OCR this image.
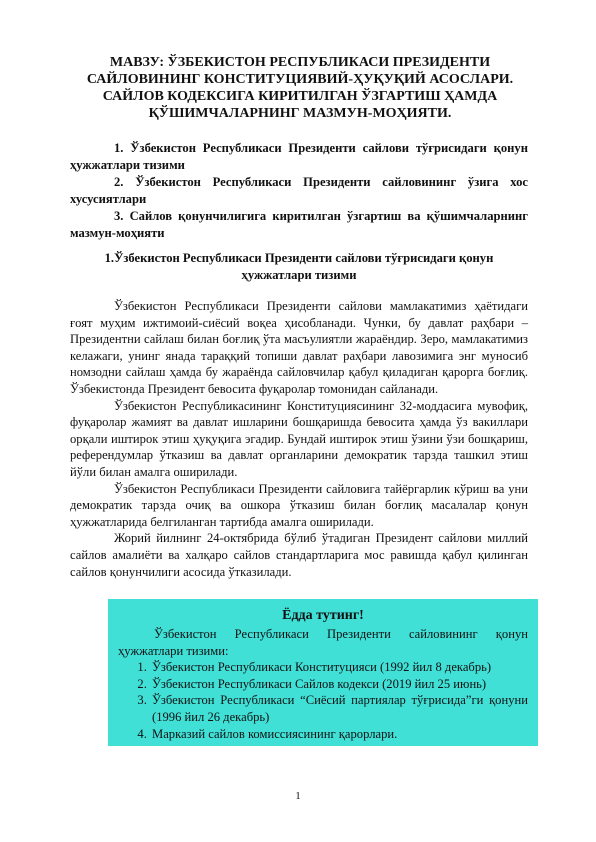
МАВЗУ: ЎЗБЕКИСТОН РЕСПУБЛИКАСИ ПРЕЗИДЕНТИ САЙЛОВИНИНГ КОНСТИТУЦИЯВИЙ-ҲУҚУҚИЙ АСОСЛАРИ. САЙЛОВ КОДЕКСИГА КИРИТИЛГАН ЎЗГАРТИШ ҲАМДА ҚЎШИМЧАЛАРНИНГ МАЗМУН-МОҲИЯТИ.
1. Ўзбекистон Республикаси Президенти сайлови тўғрисидаги қонун ҳужжатлари тизими
2. Ўзбекистон Республикаси Президенти сайловининг ўзига хос хусусиятлари
3. Сайлов қонунчилигига киритилган ўзгартиш ва қўшимчаларнинг мазмун-моҳияти
1.Ўзбекистон Республикаси Президенти сайлови тўғрисидаги қонун ҳужжатлари тизими

Ўзбекистон Республикаси Президенти сайлови мамлакатимиз ҳаётидаги ғоят муҳим ижтимоий-сиёсий воқеа ҳисобланади. Чунки, бу давлат раҳбари – Президентни сайлаш билан боғлиқ ўта масъулиятли жараёндир. Зеро, мамлакатимиз келажаги, унинг янада тараққий топиши давлат раҳбари лавозимига энг муносиб номзодни сайлаш ҳамда бу жараёнда сайловчилар қабул қиладиган қарорга боғлиқ. Ўзбекистонда Президент бевосита фуқаролар томонидан сайланади.

Ўзбекистон Республикасининг Конституциясининг 32-моддасига мувофиқ, фуқаролар жамият ва давлат ишларини бошқаришда бевосита ҳамда ўз вакиллари орқали иштирок этиш ҳуқуқига эгадир. Бундай иштирок этиш ўзини ўзи бошқариш, референдумлар ўтказиш ва давлат органларини демократик тарзда ташкил этиш йўли билан амалга оширилади.

Ўзбекистон Республикаси Президенти сайловига тайёргарлик кўриш ва уни демократик тарзда очиқ ва ошкора ўтказиш билан боғлиқ масалалар қонун ҳужжатларида белгиланган тартибда амалга оширилади.

Жорий йилнинг 24-октябрида бўлиб ўтадиган Президент сайлови миллий сайлов амалиёти ва халқаро сайлов стандартларига мос равишда қабул қилинган сайлов қонунчилиги асосида ўтказилади.

Ёдда тутинг!

Ўзбекистон Республикаси Президенти сайловининг қонун ҳужжатлари тизими:

1. Ўзбекистон Республикаси Конституцияси (1992 йил 8 декабрь)
2. Ўзбекистон Республикаси Сайлов кодекси (2019 йил 25 июнь)
3. Ўзбекистон Республикаси “Сиёсий партиялар тўғрисида”ги қонуни (1996 йил 26 декабрь)
4. Марказий сайлов комиссиясининг қарорлари.
1
